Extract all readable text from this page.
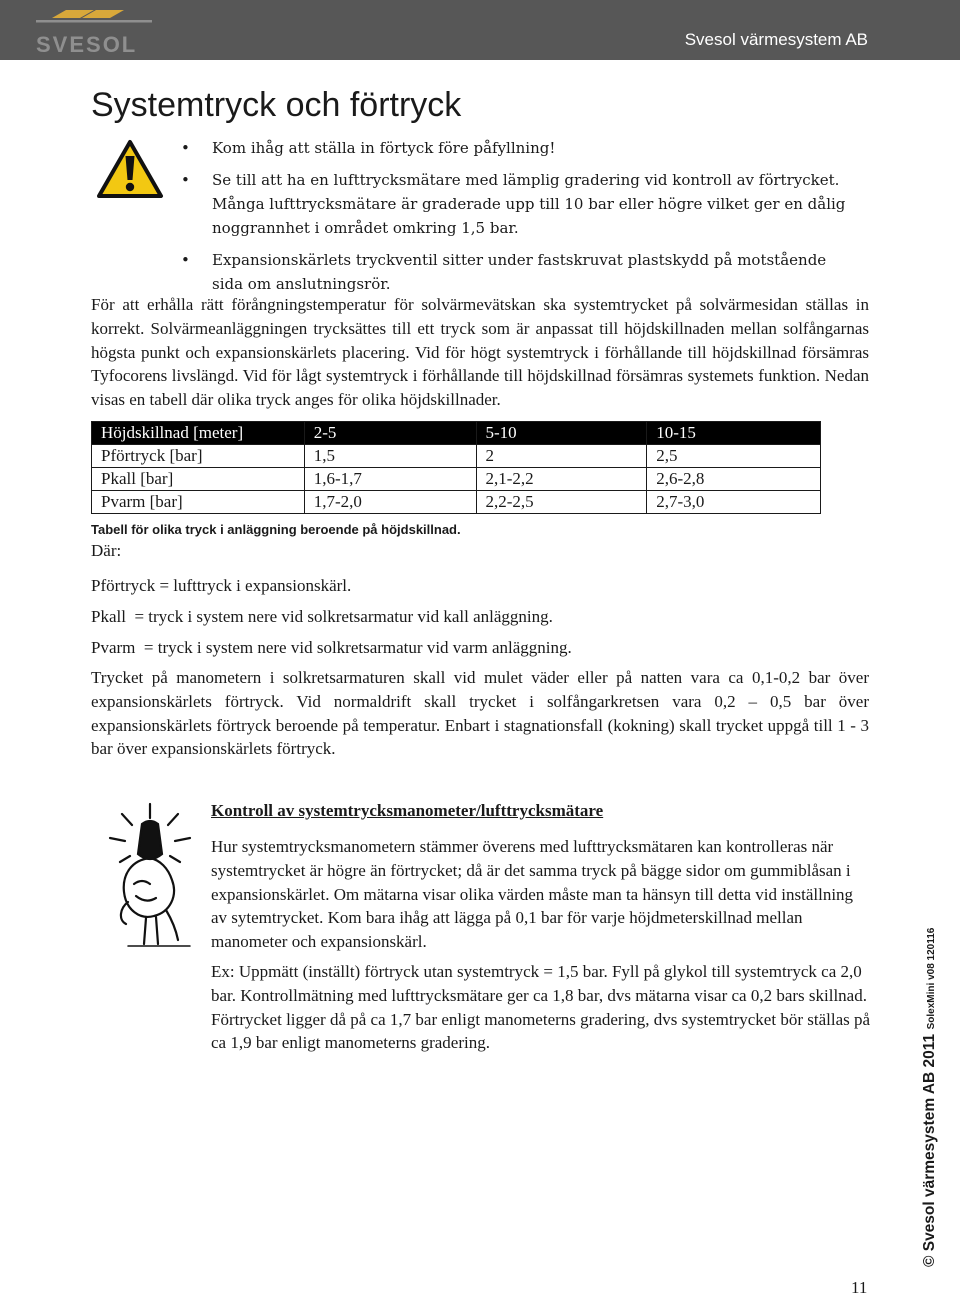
SVESOL	Svesol värmesystem AB
Systemtryck och förtryck
• Kom ihåg att ställa in förtyck före påfyllning!
• Se till att ha en lufttrycksmätare med lämplig gradering vid kontroll av förtrycket. Många lufttrycksmätare är graderade upp till 10 bar eller högre vilket ger en dålig noggrannhet i området omkring 1,5 bar.
• Expansionskärlets tryckventil sitter under fastskruvat plastskydd på motstående sida om anslutningsrör.

För att erhålla rätt förångningstemperatur för solvärmevätskan ska systemtrycket på solvärmesidan ställas in korrekt. Solvärmeanläggningen trycksättes till ett tryck som är anpassat till höjdskillnaden mellan solfångarnas högsta punkt och expansionskärlets placering. Vid för högt systemtryck i förhållande till höjdskillnad försämras Tyfocorens livslängd. Vid för lågt systemtryck i förhållande till höjdskillnad försämras systemets funktion. Nedan visas en tabell där olika tryck anges för olika höjdskillnader.

Höjdskillnad [meter]	2-5	5-10	10-15
Pförtryck [bar]	1,5	2	2,5
Pkall [bar]	1,6-1,7	2,1-2,2	2,6-2,8
Pvarm [bar]	1,7-2,0	2,2-2,5	2,7-3,0
Tabell för olika tryck i anläggning beroende på höjdskillnad.
Där:
Pförtryck = lufttryck i expansionskärl.
Pkall  = tryck i system nere vid solkretsarmatur vid kall anläggning.
Pvarm  = tryck i system nere vid solkretsarmatur vid varm anläggning.

Trycket på manometern i solkretsarmaturen skall vid mulet väder eller på natten vara ca 0,1-0,2 bar över expansionskärlets förtryck. Vid normaldrift skall trycket i solfångarkretsen vara 0,2 – 0,5 bar över expansionskärlets förtryck beroende på temperatur. Enbart i stagnationsfall (kokning) skall trycket uppgå till 1 - 3 bar över expansionskärlets förtryck.

Kontroll av systemtrycksmanometer/lufttrycksmätare

Hur systemtrycksmanometern stämmer överens med lufttrycksmätaren kan kontrolleras när systemtrycket är högre än förtrycket; då är det samma tryck på bägge sidor om gummiblåsan i expansionskärlet. Om mätarna visar olika värden måste man ta hänsyn till detta vid inställning av sytemtrycket. Kom bara ihåg att lägga på 0,1 bar för varje höjdmeterskillnad mellan manometer och expansionskärl.

Ex: Uppmätt (inställt) förtryck utan systemtryck = 1,5 bar. Fyll på glykol till systemtryck ca 2,0 bar. Kontrollmätning med lufttrycksmätare ger ca 1,8 bar, dvs mätarna visar ca 0,2 bars skillnad. Förtrycket ligger då på ca 1,7 bar enligt manometerns gradering, dvs systemtrycket bör ställas på ca 1,9 bar enligt manometerns gradering.	© Svesol värmesystem AB 2011 SolexMini v08 120116
11
